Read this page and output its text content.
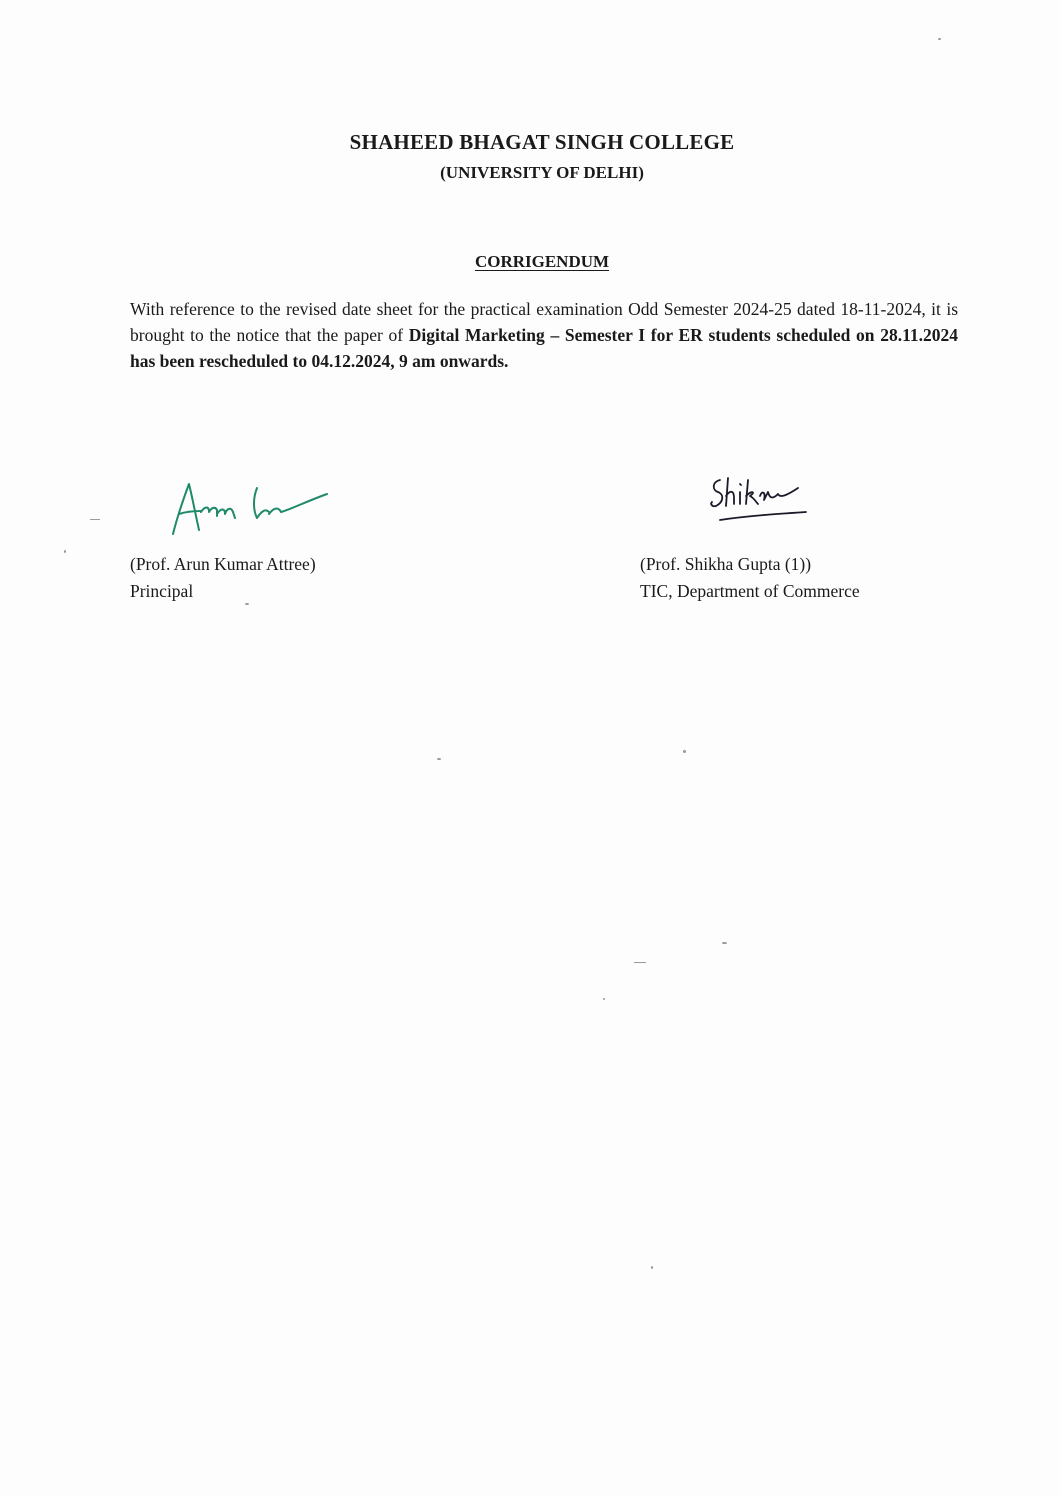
SHAHEED BHAGAT SINGH COLLEGE
(UNIVERSITY OF DELHI)
CORRIGENDUM
With reference to the revised date sheet for the practical examination Odd Semester 2024-25 dated 18-11-2024, it is brought to the notice that the paper of Digital Marketing – Semester I for ER students scheduled on 28.11.2024 has been rescheduled to 04.12.2024, 9 am onwards.
(Prof. Arun Kumar Attree)
Principal
(Prof. Shikha Gupta (1))
TIC, Department of Commerce
